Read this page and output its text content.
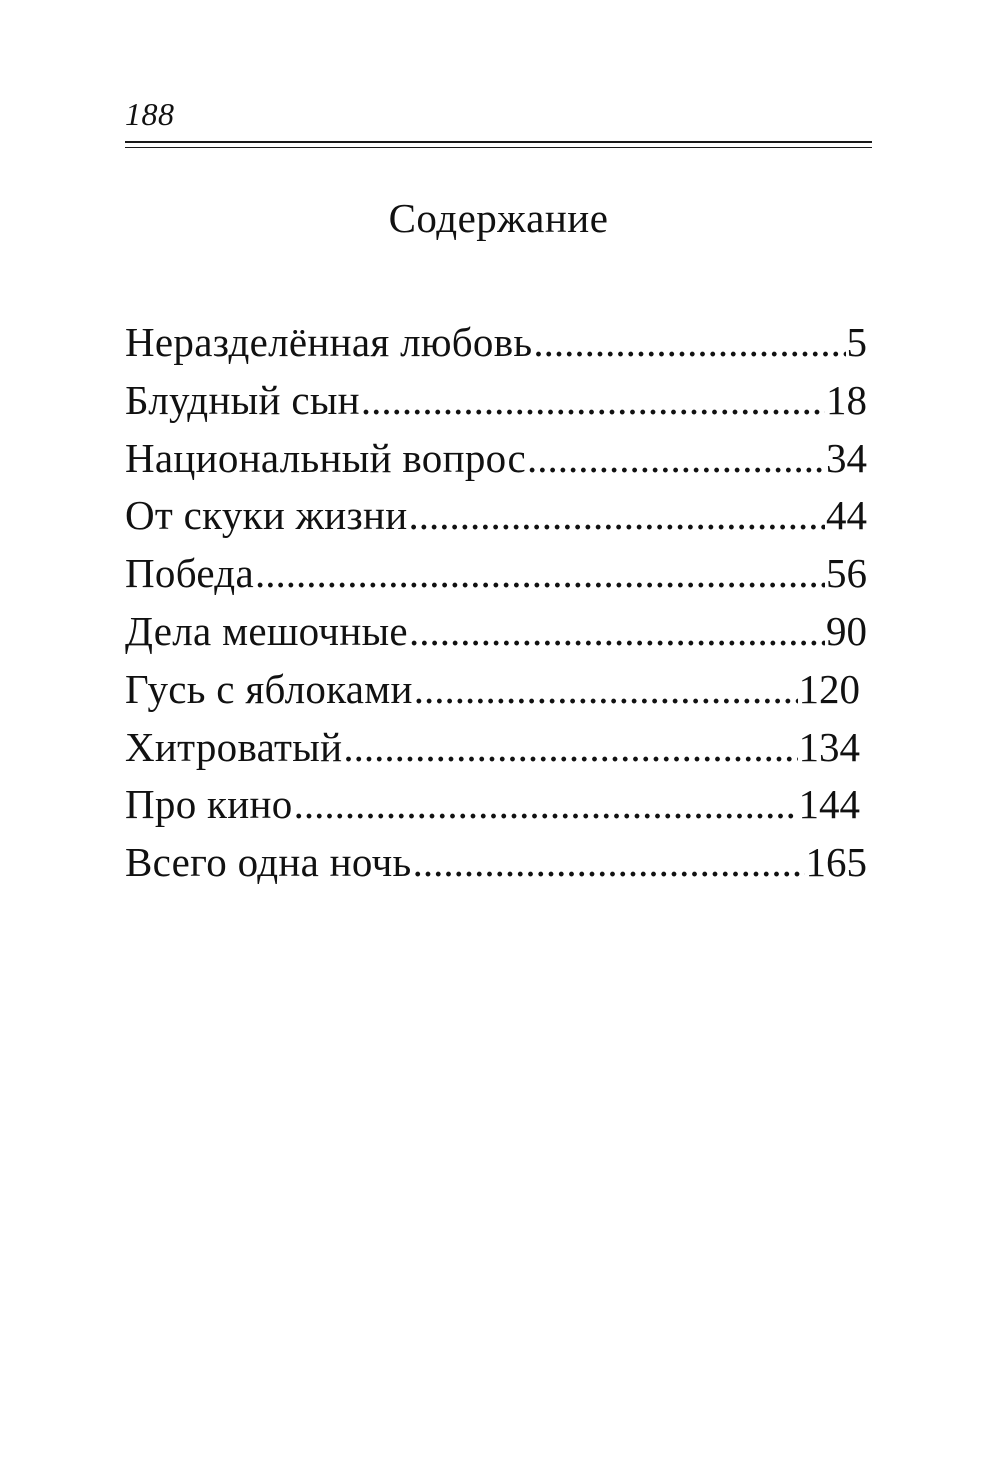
188
Содержание
Неразделённая любовь .....	5
Блудный сын .....	18
Национальный вопрос .....	34
От скуки жизни .....	44
Победа .....	56
Дела мешочные .....	90
Гусь с яблоками .....	120
Хитроватый .....	134
Про кино .....	144
Всего одна ночь .....	165
